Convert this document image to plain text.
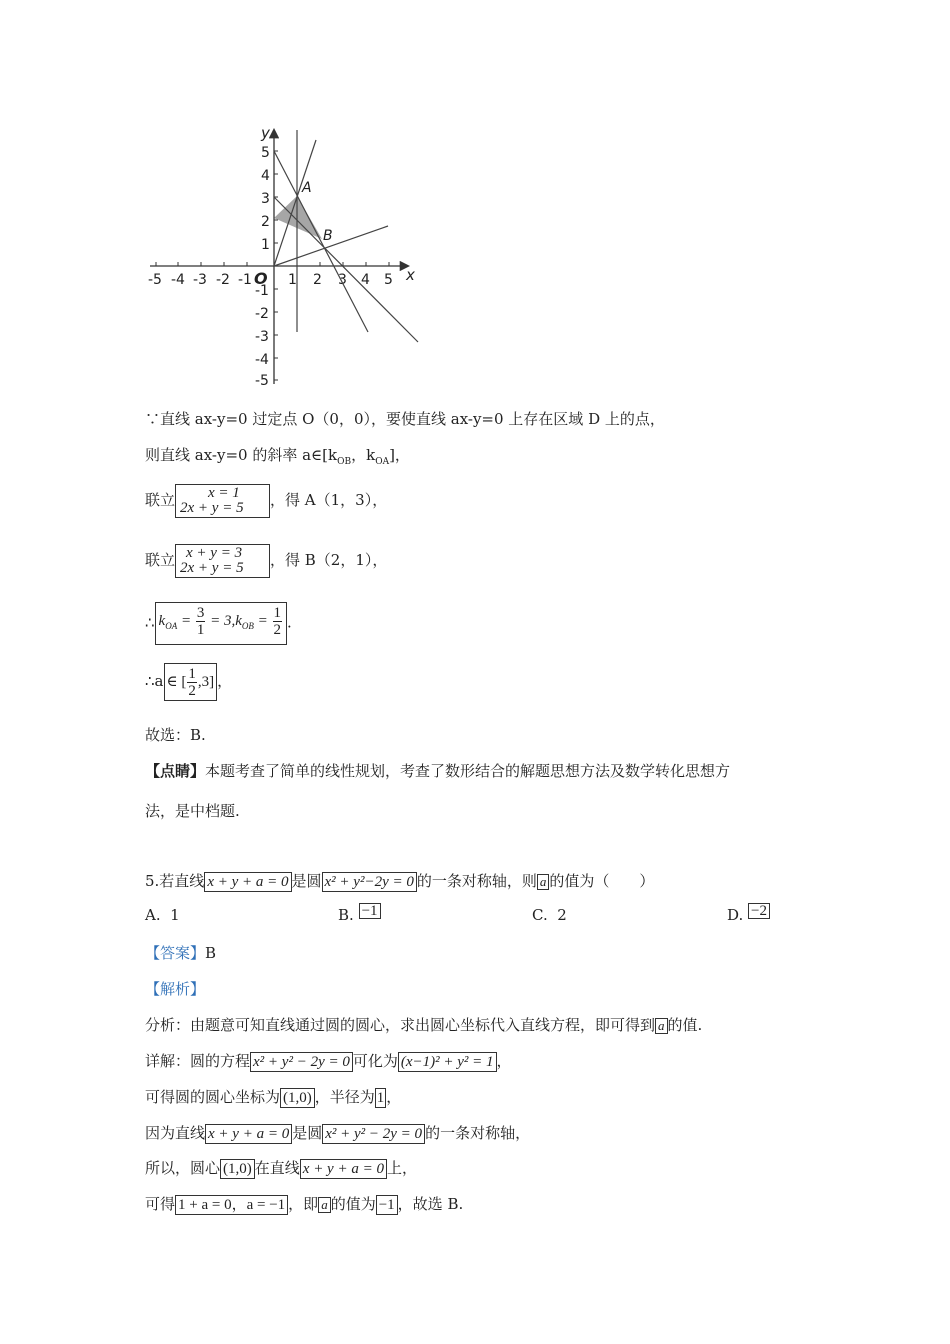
-5 -4 -3 -2 -1	1 2 3 4 5
5
4
3
2
1
-1
-2
-3
-4
-5
O	x
y
A
B
∵直线 ax-y=0 过定点 O（0，0），要使直线 ax-y=0 上存在区域 D 上的点，
则直线 ax-y=0 的斜率 $a\in[k_{OB}$，$k_{OA}$]，
联立	x = 1
2x + y = 5	，得 A（1，3），
联立 x + y = 3
2x + y = 5	，得 B（2，1），
∴ $k_{OA} = \frac{3}{1} = 3,k_{OB} = \frac{1}{2}$ .
∴a ∈ [ $\frac{1}{2} ,3$] ，
故选：B.
【点睛】本题考查了简单的线性规划，考查了数形结合的解题思想方法及数学转化思想方
法，是中档题.
5.若直线 x + y + a = 0 是圆 x² + y²−2y = 0 的一条对称轴，则 a 的值为（　　）
A. 1	B. −1	C. 2	D. −2
【答案】B
【解析】
分析：由题意可知直线通过圆的圆心，求出圆心坐标代入直线方程，即可得到 a 的值.
详解：圆的方程 x² + y² − 2y = 0 可化为 (x−1)² + y² = 1 ，
可得圆的圆心坐标为 (1,0) ，半径为 1 ，
因为直线 x + y + a = 0 是圆 x² + y² − 2y = 0 的一条对称轴，
所以，圆心 (1,0) 在直线 x + y + a = 0 上，
可得 1 + a = 0，a = −1 ，即 a 的值为 −1 ，故选 B.
